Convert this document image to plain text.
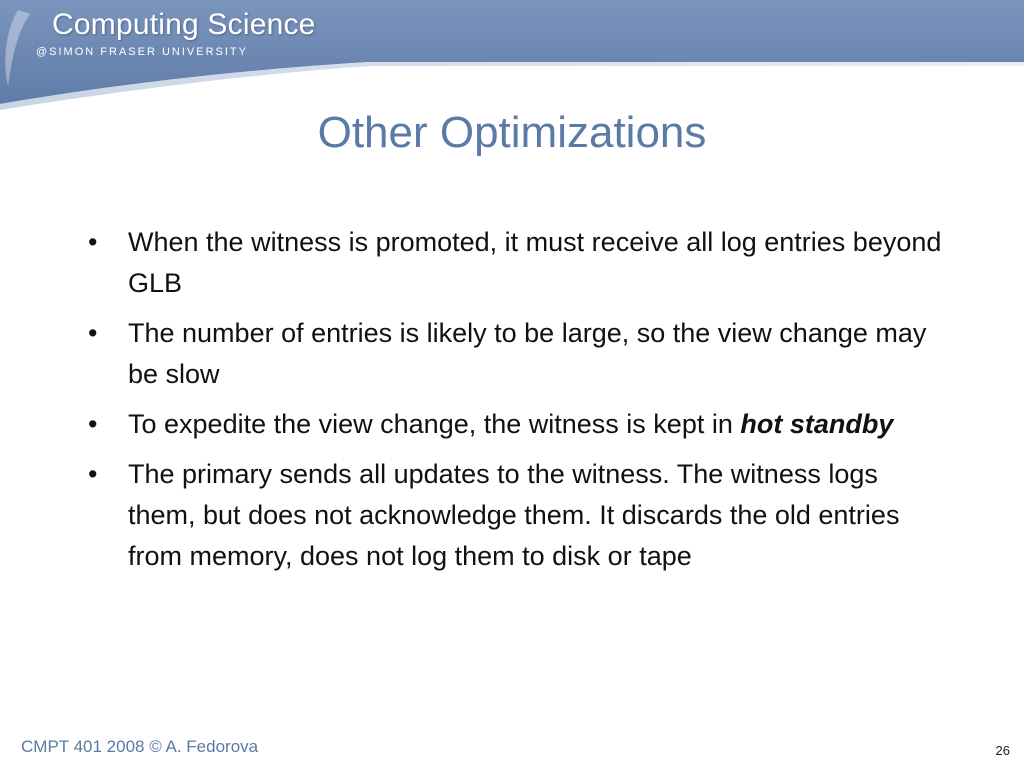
Computing Science
@SIMON FRASER UNIVERSITY
Other Optimizations
•	When the witness is promoted, it must receive all log entries beyond GLB
•	The number of entries is likely to be large, so the view change may be slow
•	To expedite the view change, the witness is kept in hot standby
•	The primary sends all updates to the witness. The witness logs them, but does not acknowledge them. It discards the old entries from memory, does not log them to disk or tape
CMPT 401 2008 © A. Fedorova	26
